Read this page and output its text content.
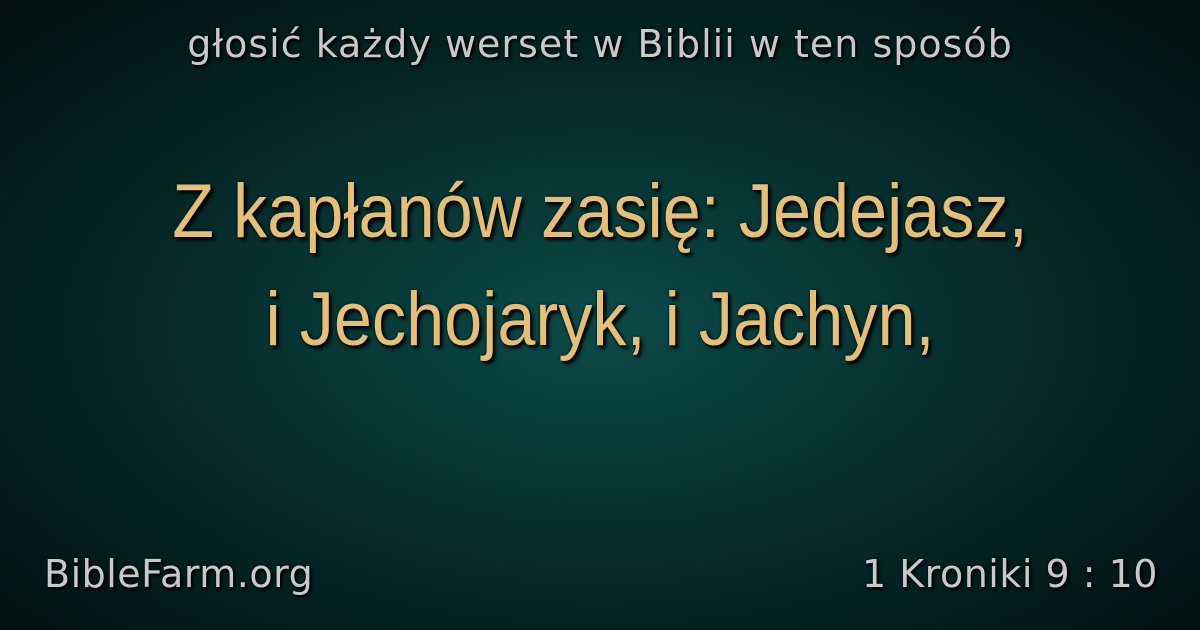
głosić każdy werset w Biblii w ten sposób
Z kapłanów zasię: Jedejasz,
i Jechojaryk, i Jachyn,
BibleFarm.org	1 Kroniki 9 : 10
